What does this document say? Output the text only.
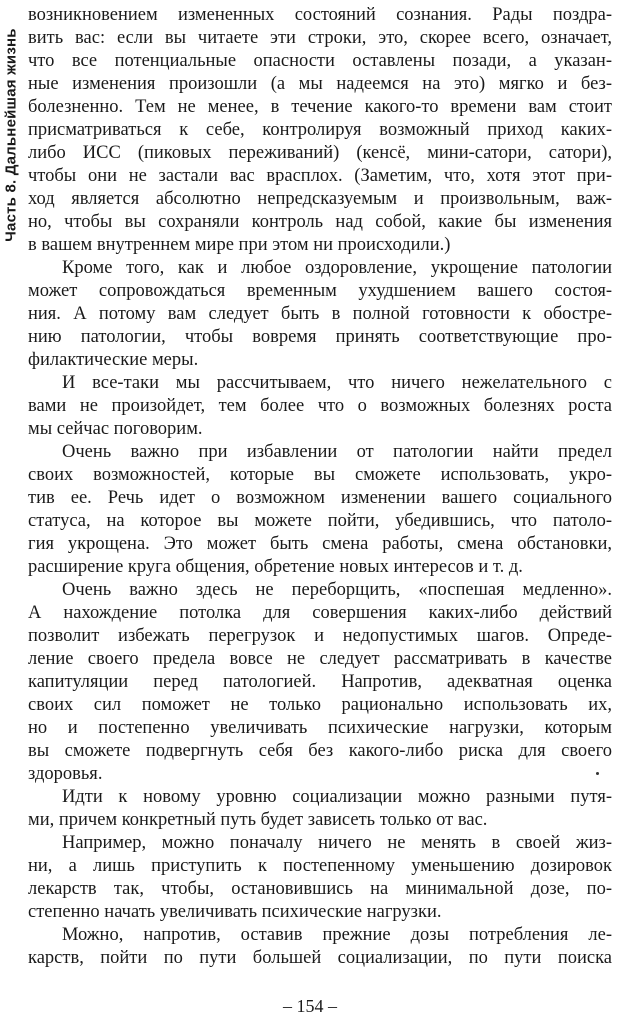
Часть 8. Дальнейшая жизнь
возникновением измененных состояний сознания. Рады поздра-
вить вас: если вы читаете эти строки, это, скорее всего, означает,
что все потенциальные опасности оставлены позади, а указан-
ные изменения произошли (а мы надеемся на это) мягко и без-
болезненно. Тем не менее, в течение какого-то времени вам стоит
присматриваться к себе, контролируя возможный приход каких-
либо ИСС (пиковых переживаний) (кенсё, мини-сатори, сатори),
чтобы они не застали вас врасплох. (Заметим, что, хотя этот при-
ход является абсолютно непредсказуемым и произвольным, важ-
но, чтобы вы сохраняли контроль над собой, какие бы изменения
в вашем внутреннем мире при этом ни происходили.)
Кроме того, как и любое оздоровление, укрощение патологии
может сопровождаться временным ухудшением вашего состоя-
ния. А потому вам следует быть в полной готовности к обостре-
нию патологии, чтобы вовремя принять соответствующие про-
филактические меры.
И все-таки мы рассчитываем, что ничего нежелательного с
вами не произойдет, тем более что о возможных болезнях роста
мы сейчас поговорим.
Очень важно при избавлении от патологии найти предел
своих возможностей, которые вы сможете использовать, укро-
тив ее. Речь идет о возможном изменении вашего социального
статуса, на которое вы можете пойти, убедившись, что патоло-
гия укрощена. Это может быть смена работы, смена обстановки,
расширение круга общения, обретение новых интересов и т. д.
Очень важно здесь не переборщить, «поспешая медленно».
А нахождение потолка для совершения каких-либо действий
позволит избежать перегрузок и недопустимых шагов. Опреде-
ление своего предела вовсе не следует рассматривать в качестве
капитуляции перед патологией. Напротив, адекватная оценка
своих сил поможет не только рационально использовать их,
но и постепенно увеличивать психические нагрузки, которым
вы сможете подвергнуть себя без какого-либо риска для своего
здоровья.
Идти к новому уровню социализации можно разными путя-
ми, причем конкретный путь будет зависеть только от вас.
Например, можно поначалу ничего не менять в своей жиз-
ни, а лишь приступить к постепенному уменьшению дозировок
лекарств так, чтобы, остановившись на минимальной дозе, по-
степенно начать увеличивать психические нагрузки.
Можно, напротив, оставив прежние дозы потребления ле-
карств, пойти по пути большей социализации, по пути поиска
– 154 –
